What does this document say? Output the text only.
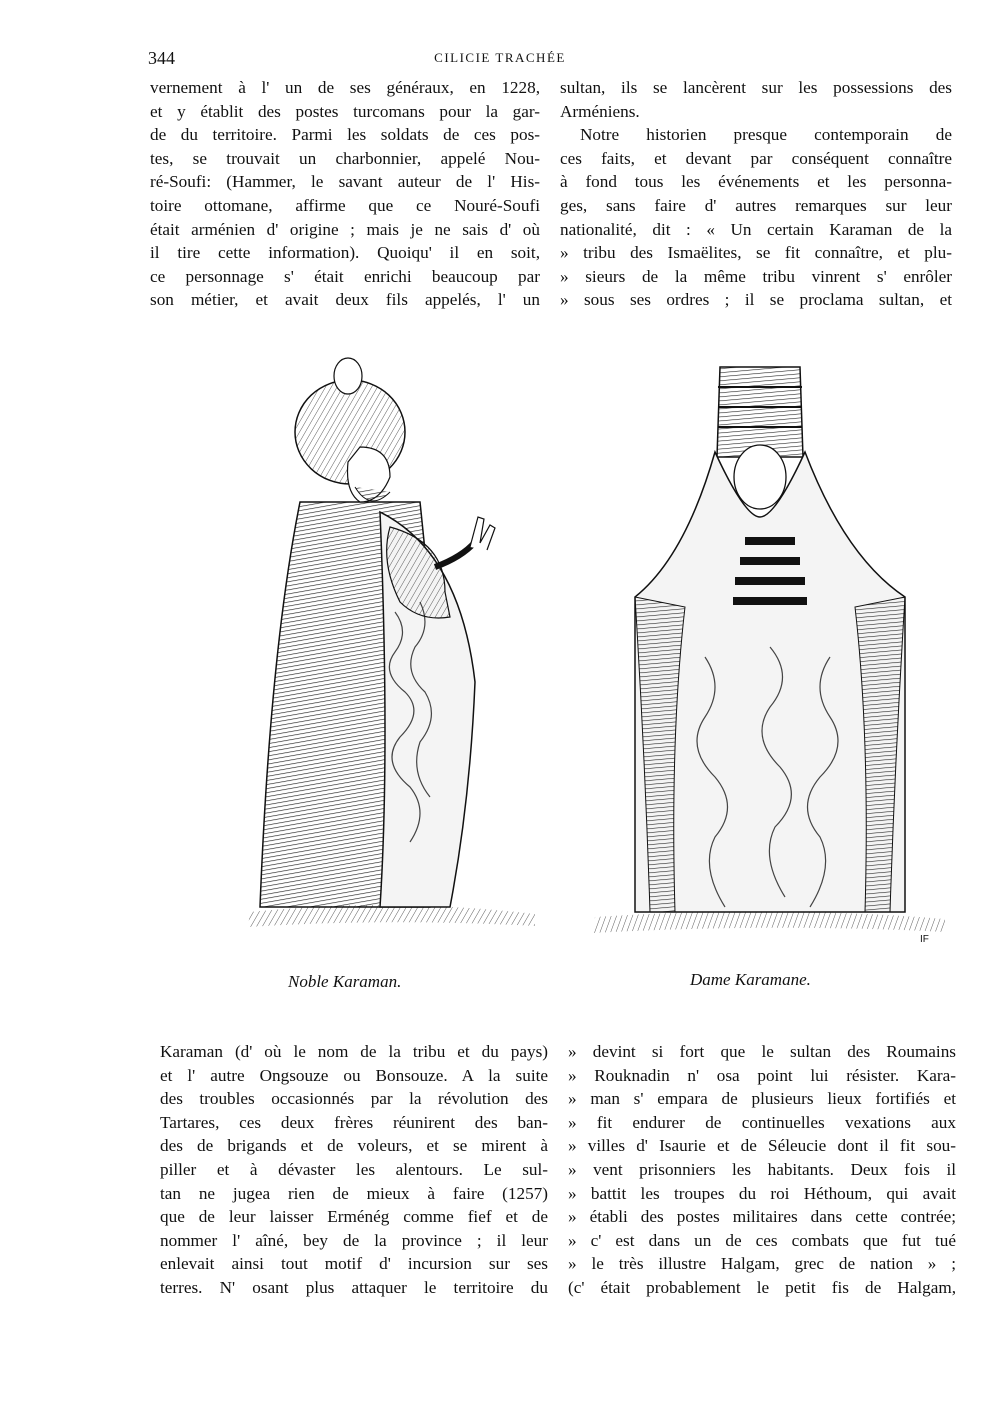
344	CILICIE TRACHÉE
vernement à l' un de ses généraux, en 1228,
et y établit des postes turcomans pour la gar-
de du territoire. Parmi les soldats de ces pos-
tes, se trouvait un charbonnier, appelé Nou-
ré-Soufi: (Hammer, le savant auteur de l' His-
toire ottomane, affirme que ce Nouré-Soufi
était arménien d' origine ; mais je ne sais d' où
il tire cette information). Quoiqu' il en soit,
ce personnage s' était enrichi beaucoup par
son métier, et avait deux fils appelés, l' un
sultan, ils se lancèrent sur les possessions des
Arméniens.
Notre historien presque contemporain de
ces faits, et devant par conséquent connaître
à fond tous les événements et les personna-
ges, sans faire d' autres remarques sur leur
nationalité, dit : « Un certain Karaman de la
» tribu des Ismaëlites, se fit connaître, et plu-
» sieurs de la même tribu vinrent s' enrôler
» sous ses ordres ; il se proclama sultan, et
IF
Noble Karaman.	Dame Karamane.
Karaman (d' où le nom de la tribu et du pays)
et l' autre Ongsouze ou Bonsouze. A la suite
des troubles occasionnés par la révolution des
Tartares, ces deux frères réunirent des ban-
des de brigands et de voleurs, et se mirent à
piller et à dévaster les alentours. Le sul-
tan ne jugea rien de mieux à faire (1257)
que de leur laisser Erménég comme fief et de
nommer l' aîné, bey de la province ; il leur
enlevait ainsi tout motif d' incursion sur ses
terres. N' osant plus attaquer le territoire du
» devint si fort que le sultan des Roumains
» Rouknadin n' osa point lui résister. Kara-
» man s' empara de plusieurs lieux fortifiés et
» fit endurer de continuelles vexations aux
» villes d' Isaurie et de Séleucie dont il fit sou-
» vent prisonniers les habitants. Deux fois il
» battit les troupes du roi Héthoum, qui avait
» établi des postes militaires dans cette contrée;
» c' est dans un de ces combats que fut tué
» le très illustre Halgam, grec de nation » ;
(c' était probablement le petit fis de Halgam,
